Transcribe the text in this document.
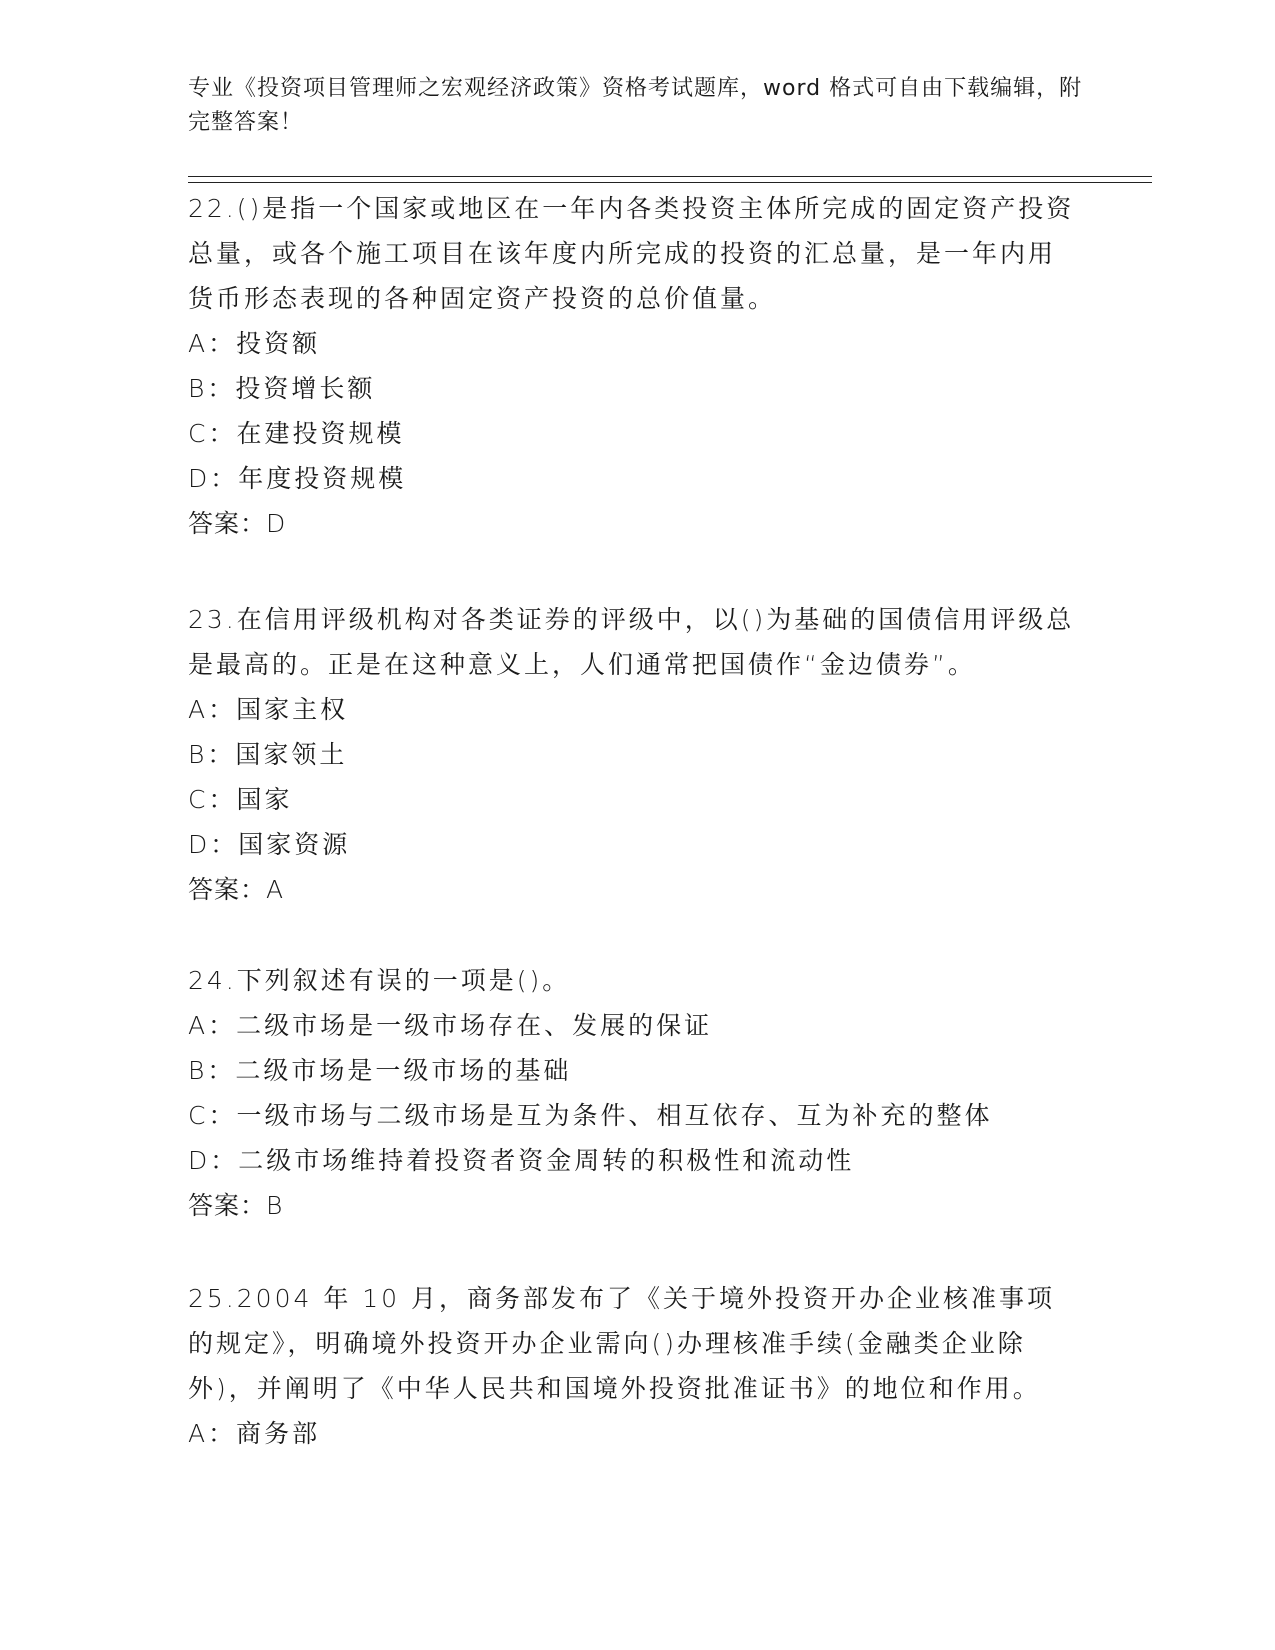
专业《投资项目管理师之宏观经济政策》资格考试题库，word 格式可自由下载编辑，附完整答案！

22.()是指一个国家或地区在一年内各类投资主体所完成的固定资产投资总量，或各个施工项目在该年度内所完成的投资的汇总量，是一年内用货币形态表现的各种固定资产投资的总价值量。

A：投资额

B：投资增长额

C：在建投资规模

D：年度投资规模

答案：D

23.在信用评级机构对各类证券的评级中，以()为基础的国债信用评级总是最高的。正是在这种意义上，人们通常把国债作“金边债券”。

A：国家主权

B：国家领土

C：国家

D：国家资源

答案：A

24.下列叙述有误的一项是()。

A：二级市场是一级市场存在、发展的保证

B：二级市场是一级市场的基础

C：一级市场与二级市场是互为条件、相互依存、互为补充的整体

D：二级市场维持着投资者资金周转的积极性和流动性

答案：B

25.2004 年 10 月，商务部发布了《关于境外投资开办企业核准事项的规定》，明确境外投资开办企业需向()办理核准手续(金融类企业除外)，并阐明了《中华人民共和国境外投资批准证书》的地位和作用。

A：商务部
